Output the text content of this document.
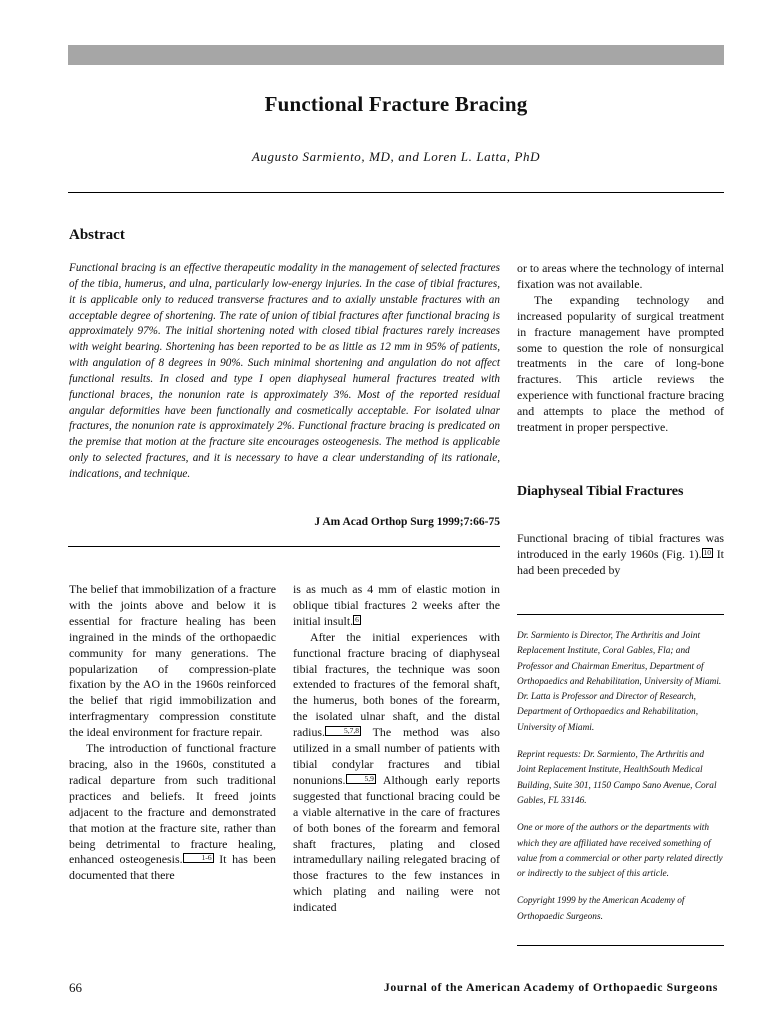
Functional Fracture Bracing
Augusto Sarmiento, MD, and Loren L. Latta, PhD
Abstract
Functional bracing is an effective therapeutic modality in the management of selected fractures of the tibia, humerus, and ulna, particularly low-energy injuries. In the case of tibial fractures, it is applicable only to reduced transverse fractures and to axially unstable fractures with an acceptable degree of shortening. The rate of union of tibial fractures after functional bracing is approximately 97%. The initial shortening noted with closed tibial fractures rarely increases with weight bearing. Shortening has been reported to be as little as 12 mm in 95% of patients, with angulation of 8 degrees in 90%. Such minimal shortening and angulation do not affect functional results. In closed and type I open diaphyseal humeral fractures treated with functional braces, the nonunion rate is approximately 3%. Most of the reported residual angular deformities have been functionally and cosmetically acceptable. For isolated ulnar fractures, the nonunion rate is approximately 2%. Functional fracture bracing is predicated on the premise that motion at the fracture site encourages osteogenesis. The method is applicable only to selected fractures, and it is necessary to have a clear understanding of its rationale, indications, and technique.
J Am Acad Orthop Surg 1999;7:66-75

The belief that immobilization of a fracture with the joints above and below it is essential for fracture healing has been ingrained in the minds of the orthopaedic community for many generations. The popularization of compression-plate fixation by the AO in the 1960s reinforced the belief that rigid immobilization and interfragmentary compression constitute the ideal environment for fracture repair.

The introduction of functional fracture bracing, also in the 1960s, constituted a radical departure from such traditional practices and beliefs. It freed joints adjacent to the fracture and demonstrated that motion at the fracture site, rather than being detrimental to fracture healing, enhanced osteogenesis.	1-6 It has been documented that there

is as much as 4 mm of elastic motion in oblique tibial fractures 2 weeks after the initial insult. 6

After the initial experiences with functional fracture bracing of diaphyseal tibial fractures, the technique was soon extended to fractures of the femoral shaft, the humerus, both bones of the forearm, the isolated ulnar shaft, and the distal radius.	5,7,8 The method was also utilized in a small number of patients with tibial condylar fractures and tibial nonunions.	5,9 Although early reports suggested that functional bracing could be a viable alternative in the care of fractures of both bones of the forearm and femoral shaft fractures, plating and closed intramedullary nailing relegated bracing of those fractures to the few instances in which plating and nailing were not indicated

or to areas where the technology of internal fixation was not available.

The expanding technology and increased popularity of surgical treatment in fracture management have prompted some to question the role of nonsurgical treatments in the care of long-bone fractures. This article reviews the experience with functional fracture bracing and attempts to place the method of treatment in proper perspective.

Diaphyseal Tibial Fractures

Functional bracing of tibial fractures was introduced in the early 1960s (Fig. 1). 10 It had been preceded by

Dr. Sarmiento is Director, The Arthritis and Joint Replacement Institute, Coral Gables, Fla; and Professor and Chairman Emeritus, Department of Orthopaedics and Rehabilitation, University of Miami. Dr. Latta is Professor and Director of Research, Department of Orthopaedics and Rehabilitation, University of Miami.

Reprint requests: Dr. Sarmiento, The Arthritis and Joint Replacement Institute, HealthSouth Medical Building, Suite 301, 1150 Campo Sano Avenue, Coral Gables, FL 33146.

One or more of the authors or the departments with which they are affiliated have received something of value from a commercial or other party related directly or indirectly to the subject of this article.

Copyright 1999 by the American Academy of Orthopaedic Surgeons.

66	Journal of the American Academy of Orthopaedic Surgeons
